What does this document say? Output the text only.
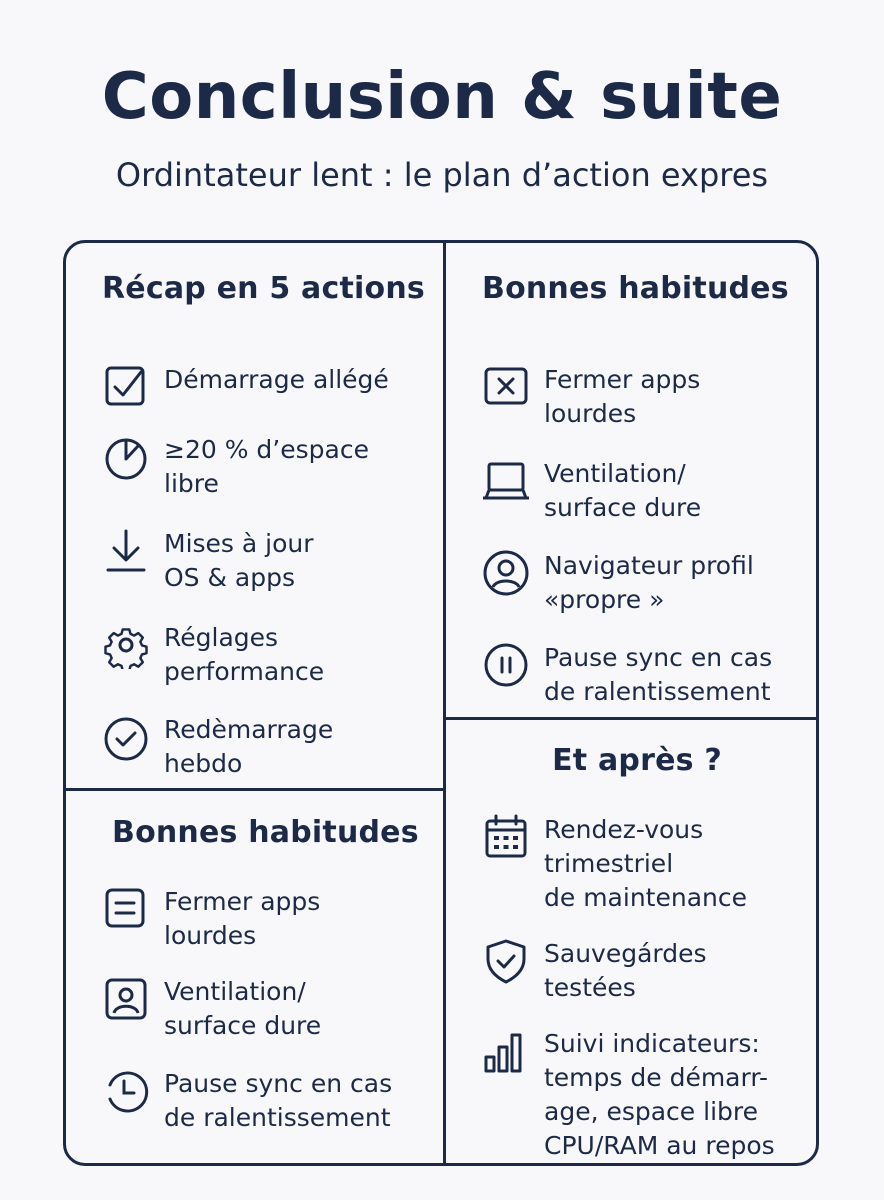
Conclusion & suite

Ordintateur lent : le plan d’action expres

Récap en 5 actions
Démarrage allégé
≥20 % d’espace
libre
Mises à jour
OS & apps
Réglages
performance
Redèmarrage
hebdo
Bonnes habitudes
Fermer apps
lourdes
Ventilation/
surface dure
Navigateur profil
«propre »
Pause sync en cas
de ralentissement
Bonnes habitudes
Fermer apps
lourdes
Ventilation/
surface dure
Pause sync en cas
de ralentissement
Et après ?
Rendez-vous
trimestriel
de maintenance
Sauvegárdes
testées
Suivi indicateurs:
temps de démarr-
age, espace libre
CPU/RAM au repos
